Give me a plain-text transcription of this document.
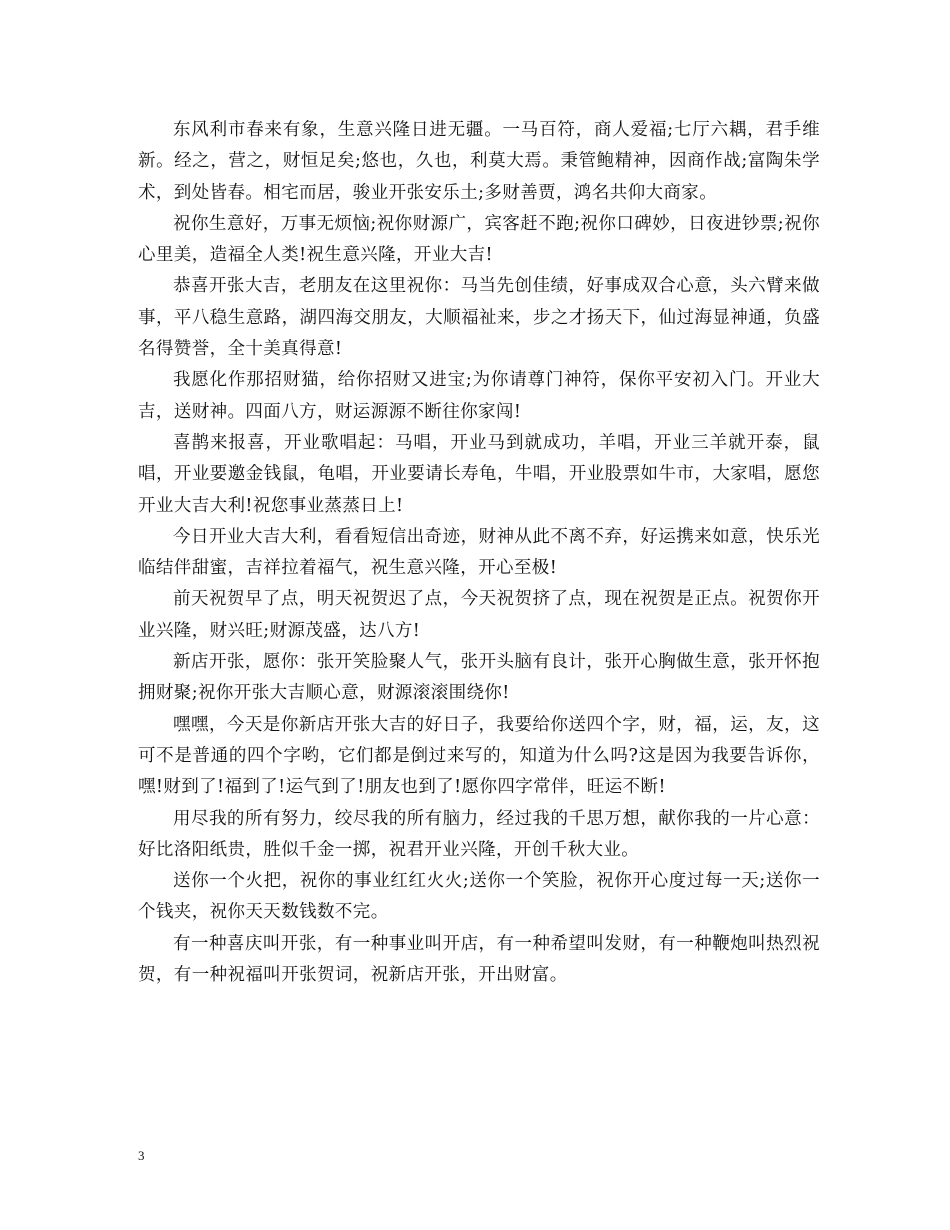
东风利市春来有象，生意兴隆日进无疆。一马百符，商人爱福;七厅六耦，君手维新。经之，营之，财恒足矣;悠也，久也，利莫大焉。秉管鲍精神，因商作战;富陶朱学术，到处皆春。相宅而居，骏业开张安乐土;多财善贾，鸿名共仰大商家。

祝你生意好，万事无烦恼;祝你财源广，宾客赶不跑;祝你口碑妙，日夜进钞票;祝你心里美，造福全人类!祝生意兴隆，开业大吉!

恭喜开张大吉，老朋友在这里祝你：马当先创佳绩，好事成双合心意，头六臂来做事，平八稳生意路，湖四海交朋友，大顺福祉来，步之才扬天下，仙过海显神通，负盛名得赞誉，全十美真得意!

我愿化作那招财猫，给你招财又进宝;为你请尊门神符，保你平安初入门。开业大吉，送财神。四面八方，财运源源不断往你家闯!

喜鹊来报喜，开业歌唱起：马唱，开业马到就成功，羊唱，开业三羊就开泰，鼠唱，开业要邀金钱鼠，龟唱，开业要请长寿龟，牛唱，开业股票如牛市，大家唱，愿您开业大吉大利!祝您事业蒸蒸日上!

今日开业大吉大利，看看短信出奇迹，财神从此不离不弃，好运携来如意，快乐光临结伴甜蜜，吉祥拉着福气，祝生意兴隆，开心至极!

前天祝贺早了点，明天祝贺迟了点，今天祝贺挤了点，现在祝贺是正点。祝贺你开业兴隆，财兴旺;财源茂盛，达八方!

新店开张，愿你：张开笑脸聚人气，张开头脑有良计，张开心胸做生意，张开怀抱拥财聚;祝你开张大吉顺心意，财源滚滚围绕你!

嘿嘿，今天是你新店开张大吉的好日子，我要给你送四个字，财，福，运，友，这可不是普通的四个字哟，它们都是倒过来写的，知道为什么吗?这是因为我要告诉你，嘿!财到了!福到了!运气到了!朋友也到了!愿你四字常伴，旺运不断!

用尽我的所有努力，绞尽我的所有脑力，经过我的千思万想，献你我的一片心意：好比洛阳纸贵，胜似千金一掷，祝君开业兴隆，开创千秋大业。

送你一个火把，祝你的事业红红火火;送你一个笑脸，祝你开心度过每一天;送你一个钱夹，祝你天天数钱数不完。

有一种喜庆叫开张，有一种事业叫开店，有一种希望叫发财，有一种鞭炮叫热烈祝贺，有一种祝福叫开张贺词，祝新店开张，开出财富。

3
